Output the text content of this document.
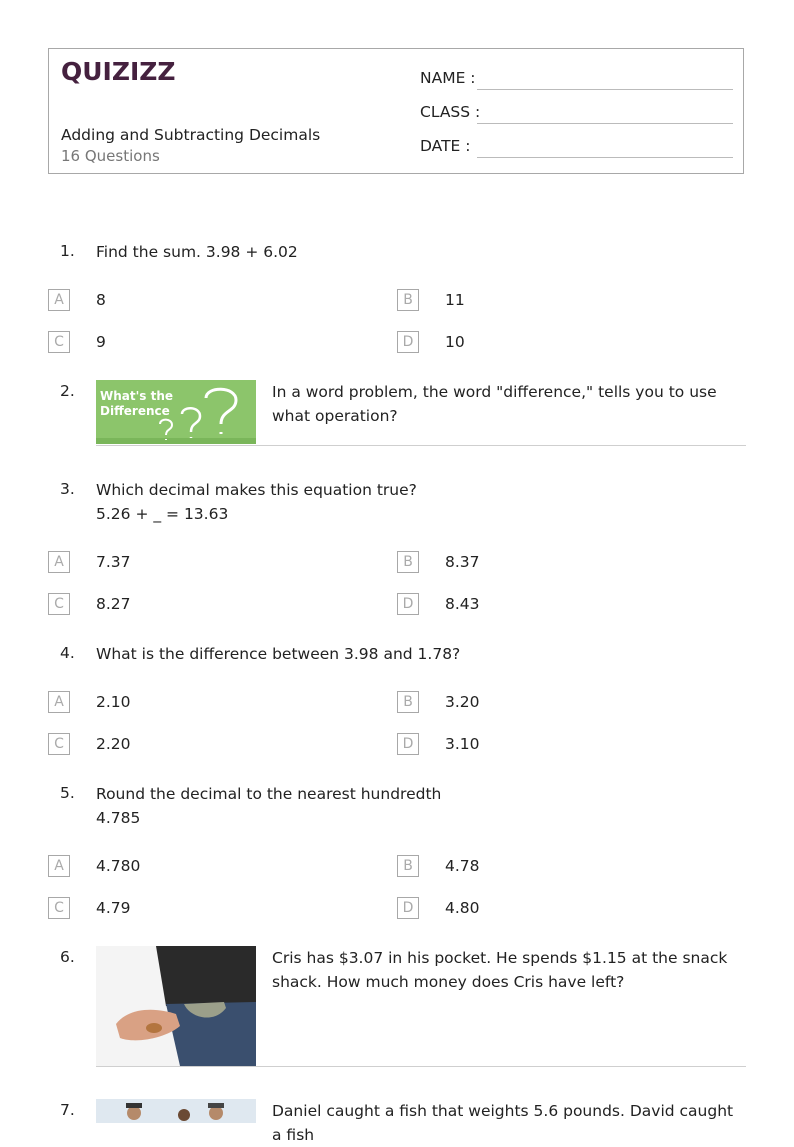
QUIZIZZ
Adding and Subtracting Decimals
16 Questions
NAME :
CLASS :
DATE :
1. Find the sum. 3.98 + 6.02
A	8	B	11
C	9	D	10
2. What's the
Difference
In a word problem, the word "difference," tells you to use what operation?
3. Which decimal makes this equation true?
5.26 + _ = 13.63
A	7.37	B	8.37
C	8.27	D	8.43
4. What is the difference between 3.98 and 1.78?
A	2.10	B	3.20
C	2.20	D	3.10
5. Round the decimal to the nearest hundredth
4.785
A	4.780	B	4.78
C	4.79	D	4.80
6.	Cris has $3.07 in his pocket. He spends $1.15 at the snack shack. How much money does Cris have left?
7.	Daniel caught a fish that weights 5.6 pounds. David caught a fish
